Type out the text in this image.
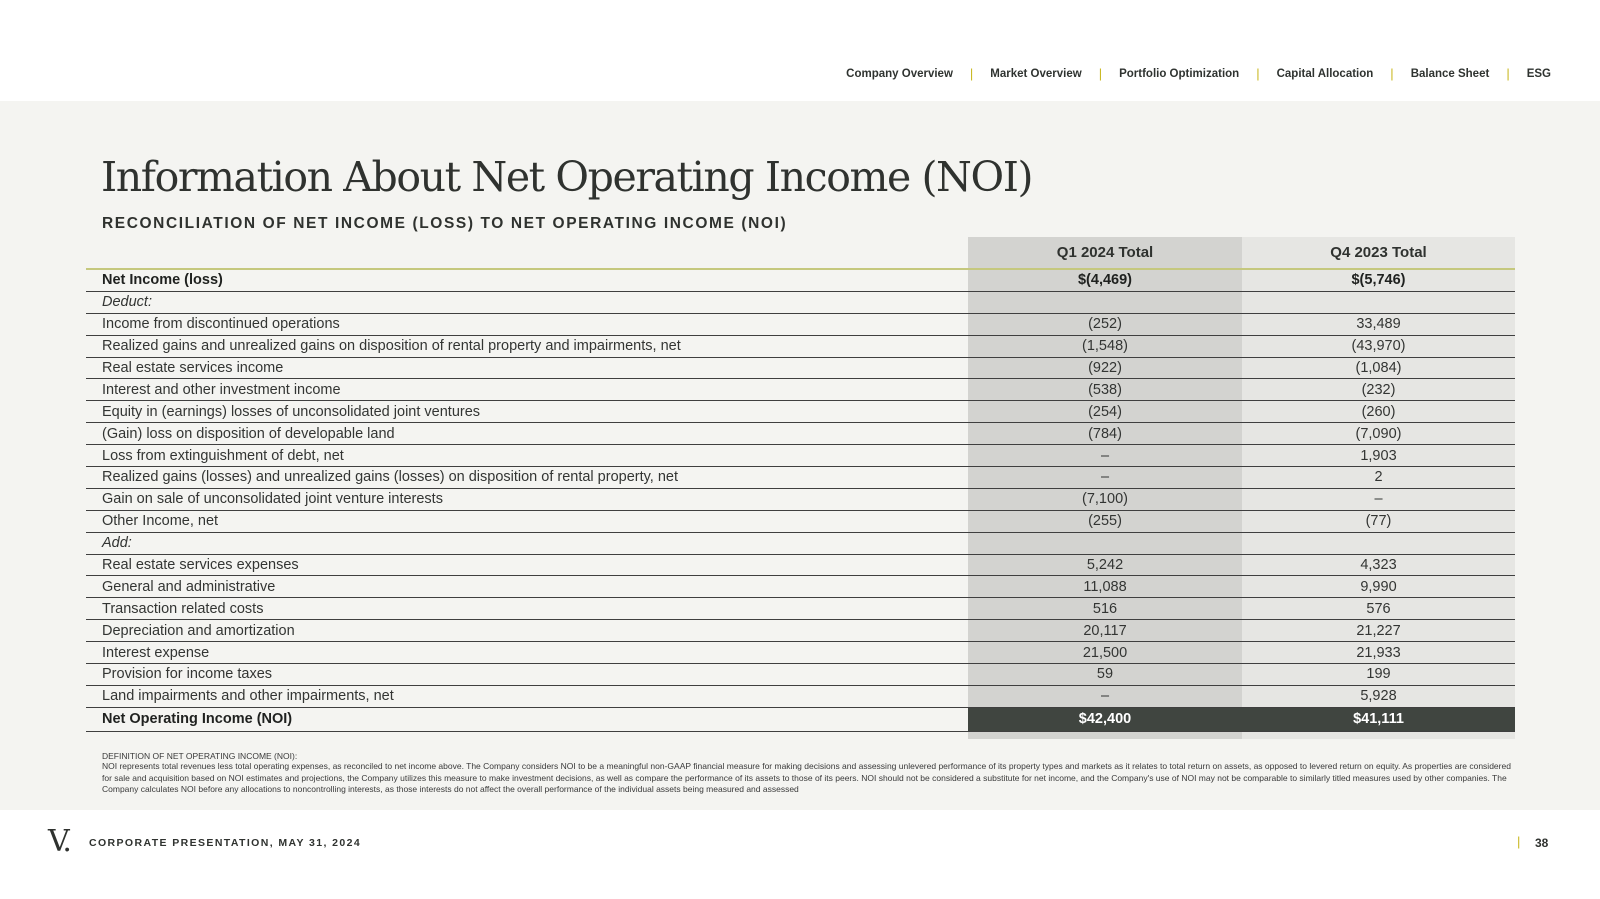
Company Overview | Market Overview | Portfolio Optimization | Capital Allocation | Balance Sheet | ESG
Information About Net Operating Income (NOI)
RECONCILIATION OF NET INCOME (LOSS) TO NET OPERATING INCOME (NOI)
	Q1 2024 Total	Q4 2023 Total
Net Income (loss)	$(4,469)	$(5,746)
Deduct:		
Income from discontinued operations	(252)	33,489
Realized gains and unrealized gains on disposition of rental property and impairments, net	(1,548)	(43,970)
Real estate services income	(922)	(1,084)
Interest and other investment income	(538)	(232)
Equity in (earnings) losses of unconsolidated joint ventures	(254)	(260)
(Gain) loss on disposition of developable land	(784)	(7,090)
Loss from extinguishment of debt, net	–	1,903
Realized gains (losses) and unrealized gains (losses) on disposition of rental property, net	–	2
Gain on sale of unconsolidated joint venture interests	(7,100)	–
Other Income, net	(255)	(77)
Add:		
Real estate services expenses	5,242	4,323
General and administrative	11,088	9,990
Transaction related costs	516	576
Depreciation and amortization	20,117	21,227
Interest expense	21,500	21,933
Provision for income taxes	59	199
Land impairments and other impairments, net	–	5,928
Net Operating Income (NOI)	$42,400	$41,111
DEFINITION OF NET OPERATING INCOME (NOI):

NOI represents total revenues less total operating expenses, as reconciled to net income above. The Company considers NOI to be a meaningful non-GAAP financial measure for making decisions and assessing unlevered performance of its property types and markets as it relates to total return on assets, as opposed to levered return on equity. As properties are considered for sale and acquisition based on NOI estimates and projections, the Company utilizes this measure to make investment decisions, as well as compare the performance of its assets to those of its peers. NOI should not be considered a substitute for net income, and the Company's use of NOI may not be comparable to similarly titled measures used by other companies. The Company calculates NOI before any allocations to noncontrolling interests, as those interests do not affect the overall performance of the individual assets being measured and assessed

V. CORPORATE PRESENTATION, MAY 31, 2024	| 38
